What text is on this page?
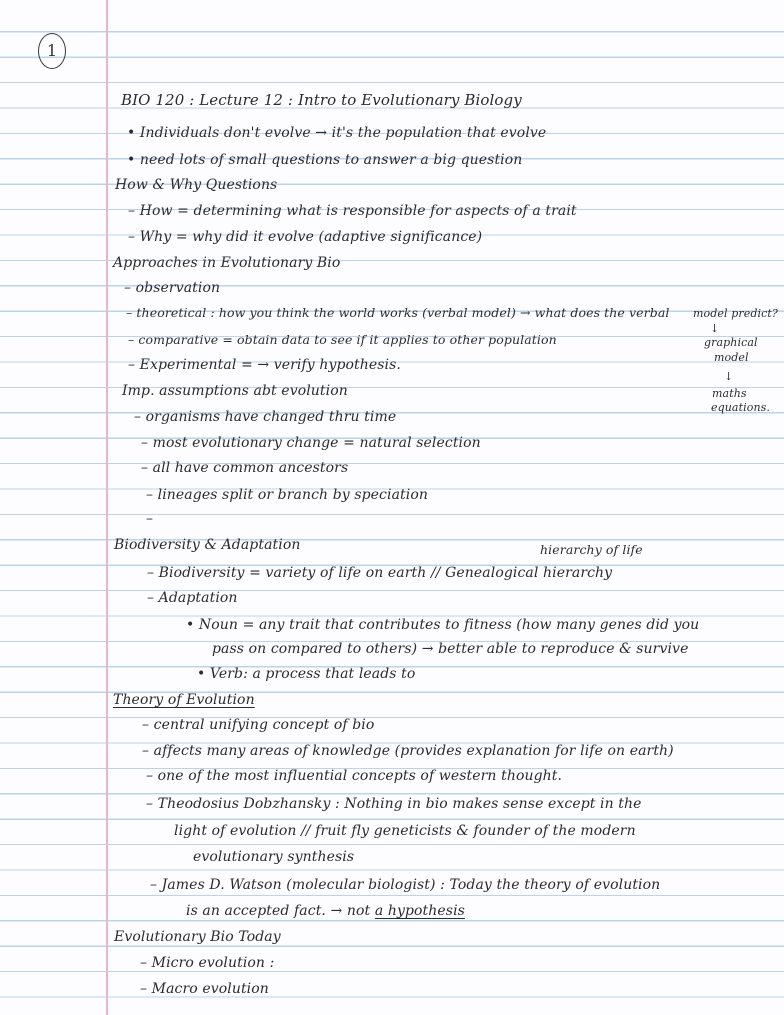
1
BIO 120 : Lecture 12 : Intro to Evolutionary Biology
• Individuals don't evolve → it's the population that evolve
• need lots of small questions to answer a big question
How & Why Questions
– How = determining what is responsible for aspects of a trait
– Why = why did it evolve (adaptive significance)
Approaches in Evolutionary Bio
– observation
– theoretical : how you think the world works (verbal model) → what does the verbal
– comparative = obtain data to see if it applies to other population
– Experimental = → verify hypothesis.
model predict?
↓
graphical
model
↓
maths
equations.
Imp. assumptions abt evolution
– organisms have changed thru time
– most evolutionary change = natural selection
– all have common ancestors
– lineages split or branch by speciation
–
Biodiversity & Adaptation	hierarchy of life
– Biodiversity = variety of life on earth // Genealogical hierarchy
– Adaptation
• Noun = any trait that contributes to fitness (how many genes did you
pass on compared to others) → better able to reproduce & survive
• Verb: a process that leads to
Theory of Evolution
– central unifying concept of bio
– affects many areas of knowledge (provides explanation for life on earth)
– one of the most influential concepts of western thought.
– Theodosius Dobzhansky : Nothing in bio makes sense except in the
light of evolution // fruit fly geneticists & founder of the modern
evolutionary synthesis
– James D. Watson (molecular biologist) : Today the theory of evolution
is an accepted fact. → not a hypothesis
Evolutionary Bio Today
– Micro evolution :
– Macro evolution
